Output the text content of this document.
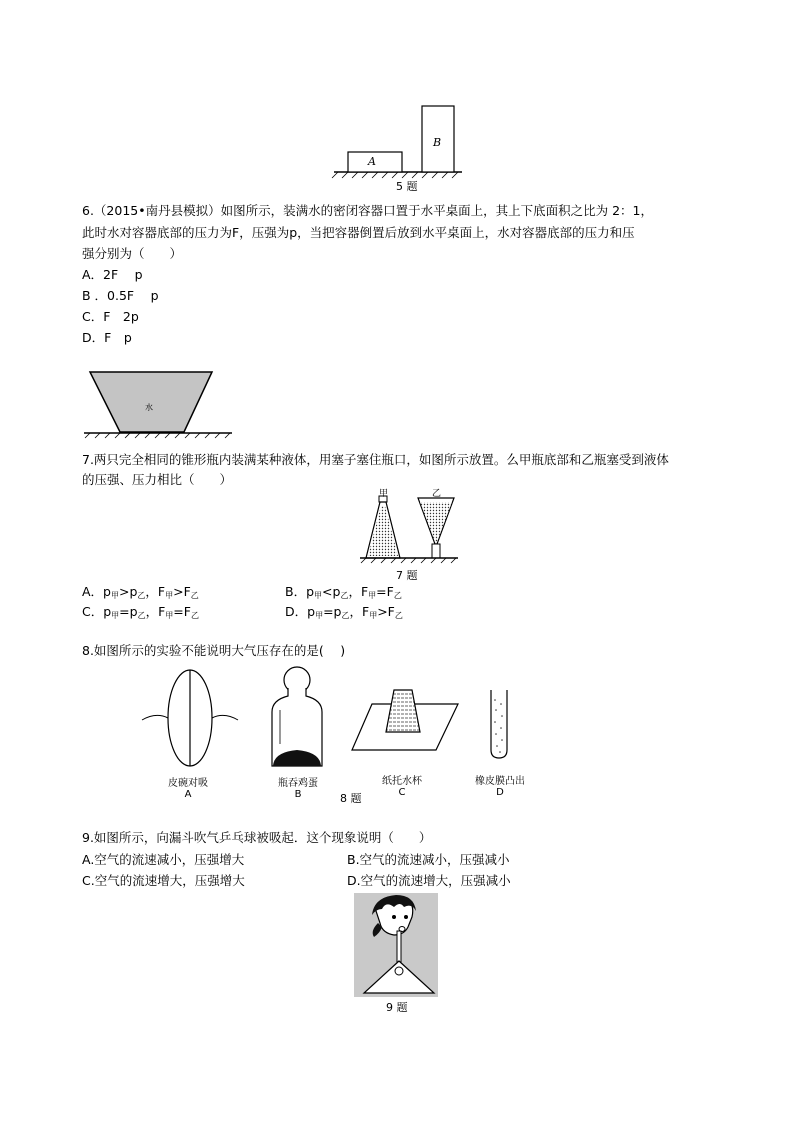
A
B
5 题
6.（2015•南丹县模拟）如图所示，装满水的密闭容器口置于水平桌面上，其上下底面积之比为 2：1，
此时水对容器底部的压力为F，压强为p，当把容器倒置后放到水平桌面上，水对容器底部的压力和压
强分别为（　　）
A．2F　 p
B ．0.5F　 p
C．F　2p
D．F　p
水
7.两只完全相同的锥形瓶内装满某种液体，用塞子塞住瓶口，如图所示放置。么甲瓶底部和乙瓶塞受到液体
的压强、压力相比（　　）
甲	乙
7 题
A．$p_甲>p_乙$，$F_甲>F_乙$	B．$p_甲<p_乙$，$F_甲=F_乙$
C．$p_甲=p_乙$，$F_甲=F_乙$	D．$p_甲=p_乙$，$F_甲>F_乙$
8.如图所示的实验不能说明大气压存在的是(　 )
皮碗对吸
A
瓶吞鸡蛋
B	8 题
纸托水杯
C
橡皮膜凸出
D
9.如图所示，向漏斗吹气乒乓球被吸起．这个现象说明（　　）
A.空气的流速减小，压强增大	B.空气的流速减小，压强减小
C.空气的流速增大，压强增大	D.空气的流速增大，压强减小
9 题
